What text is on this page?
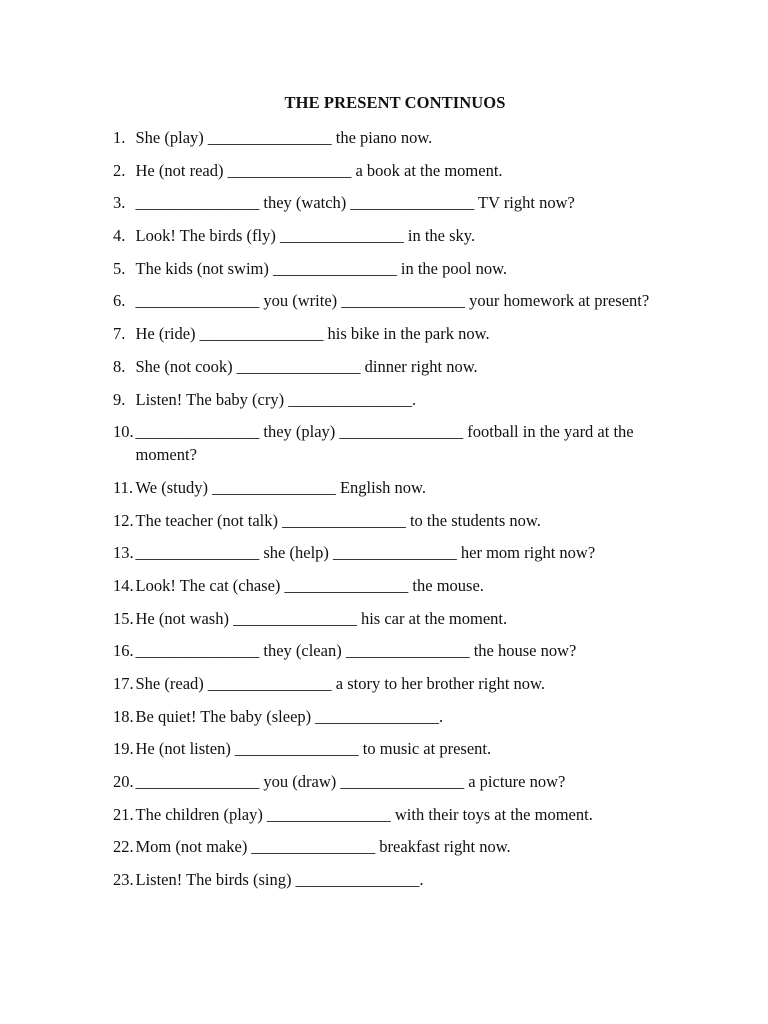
THE PRESENT CONTINUOS
1. She (play) _______________ the piano now.
2. He (not read) _______________ a book at the moment.
3. _______________ they (watch) _______________ TV right now?
4. Look! The birds (fly) _______________ in the sky.
5. The kids (not swim) _______________ in the pool now.
6. _______________ you (write) _______________ your homework at present?
7. He (ride) _______________ his bike in the park now.
8. She (not cook) _______________ dinner right now.
9. Listen! The baby (cry) _______________.
10. _______________ they (play) _______________ football in the yard at the moment?
11. We (study) _______________ English now.
12. The teacher (not talk) _______________ to the students now.
13. _______________ she (help) _______________ her mom right now?
14. Look! The cat (chase) _______________ the mouse.
15. He (not wash) _______________ his car at the moment.
16. _______________ they (clean) _______________ the house now?
17. She (read) _______________ a story to her brother right now.
18. Be quiet! The baby (sleep) _______________.
19. He (not listen) _______________ to music at present.
20. _______________ you (draw) _______________ a picture now?
21. The children (play) _______________ with their toys at the moment.
22. Mom (not make) _______________ breakfast right now.
23. Listen! The birds (sing) _______________.
